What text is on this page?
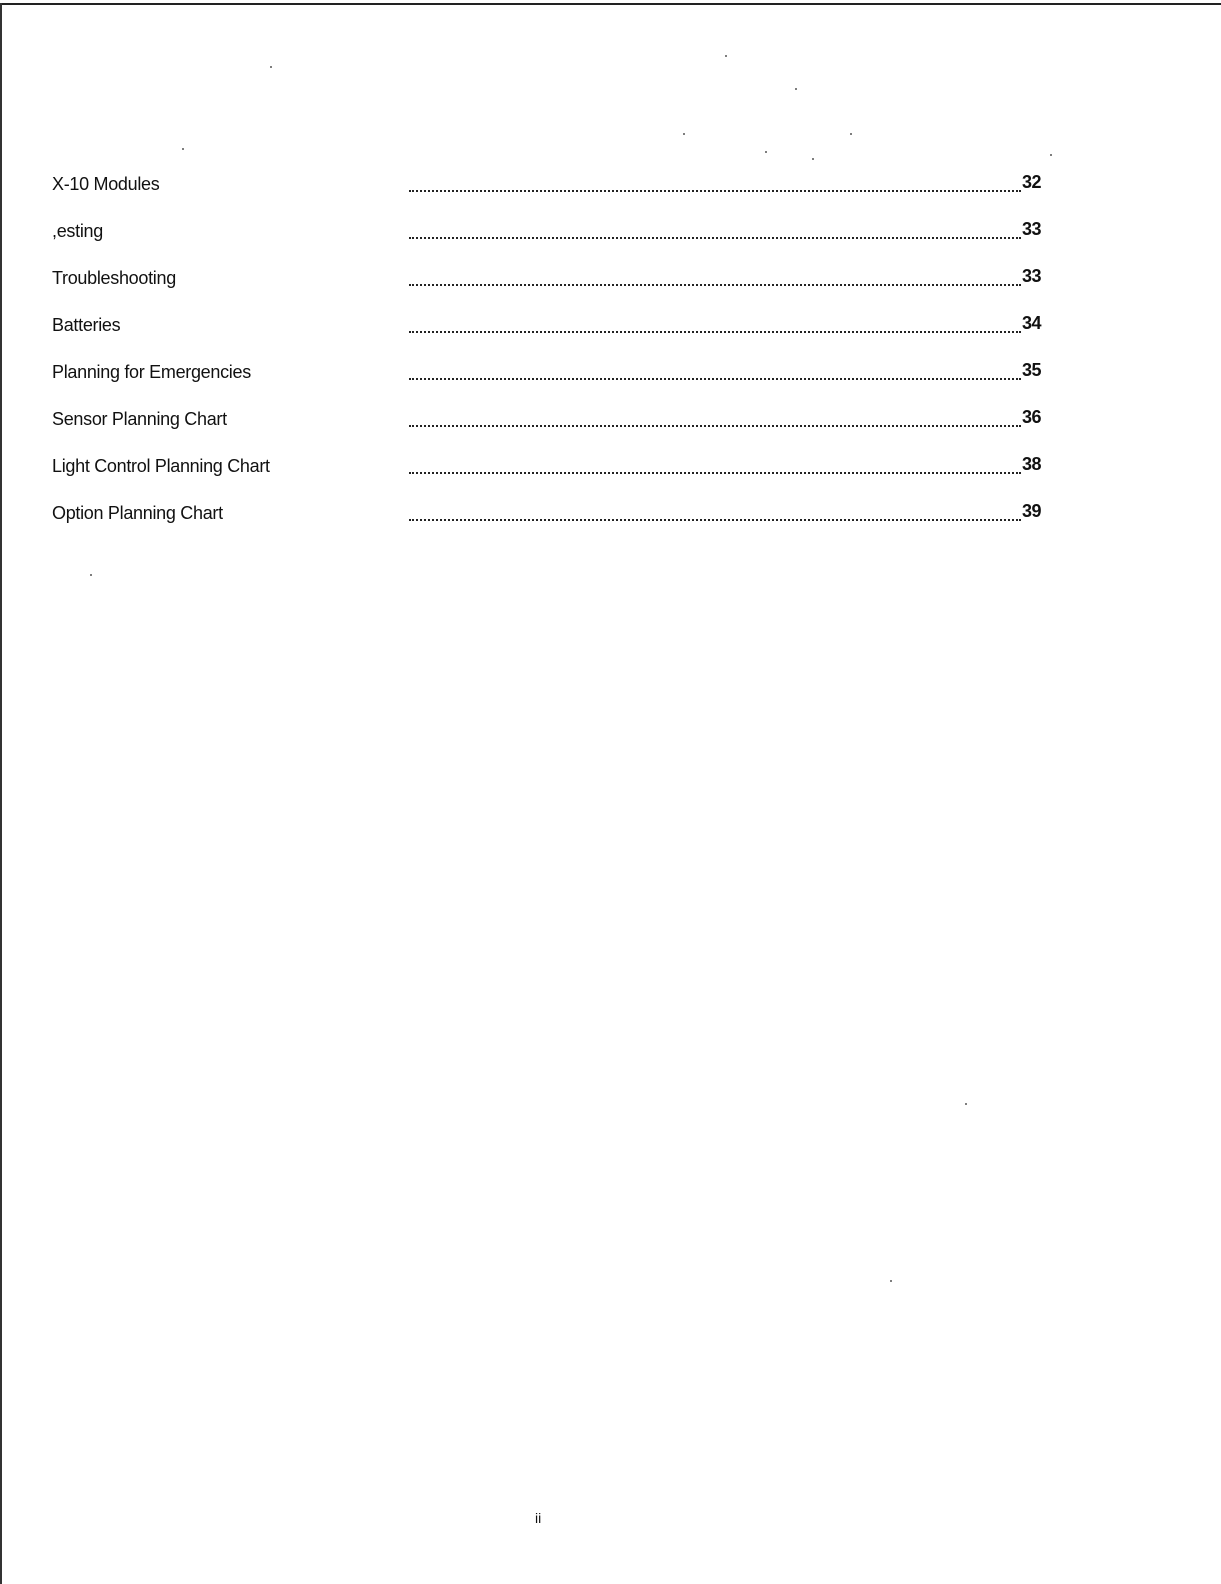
X-10 Modules	32
,esting	33
Troubleshooting	33
Batteries	34
Planning for Emergencies	35
Sensor Planning Chart	36
Light Control Planning Chart	38
Option Planning Chart	39
ii
